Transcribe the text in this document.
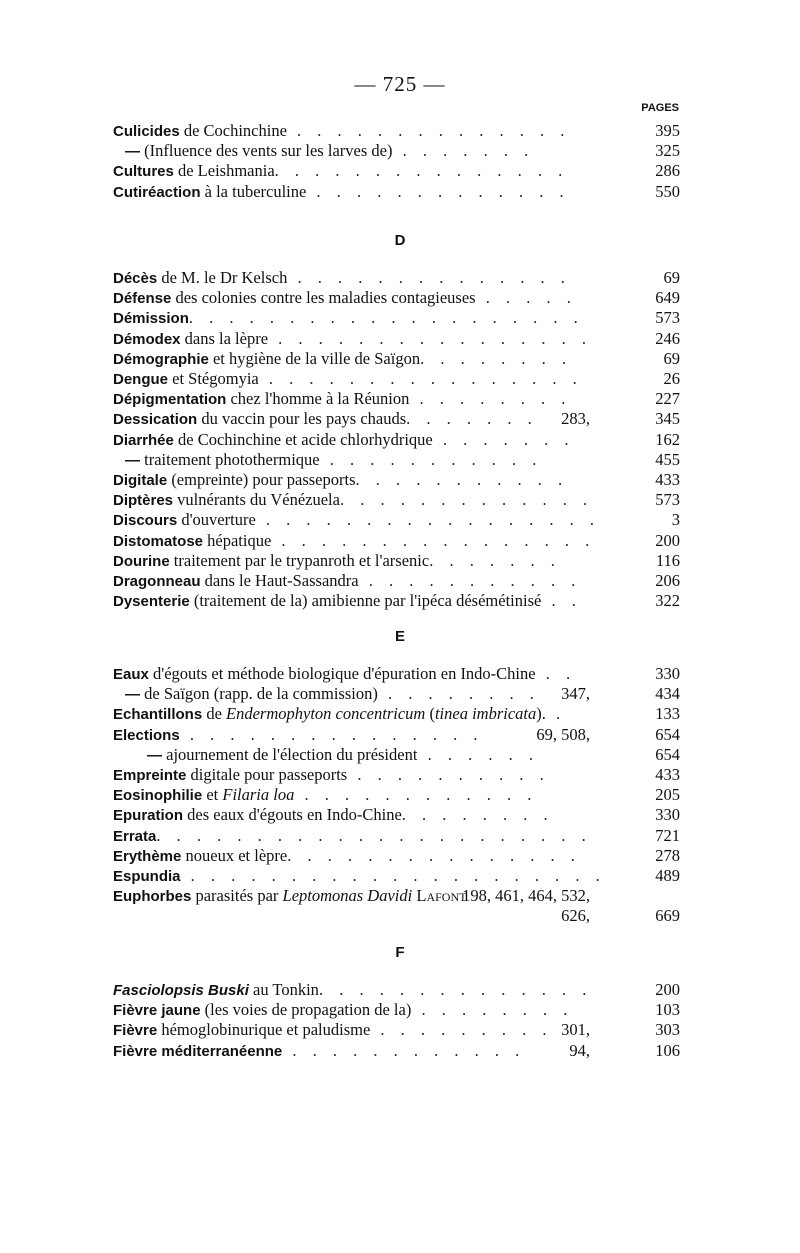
— 725 —
PAGES
Culicides de Cochinchine . . . . . . . . . . . . . .	395
— (Influence des vents sur les larves de) . . . . . . .	325
Cultures de Leishmania. . . . . . . . . . . . . . .	286
Cutiréaction à la tuberculine . . . . . . . . . . . . .	550
D
Décès de M. le Dr Kelsch . . . . . . . . . . . . . .	69
Défense des colonies contre les maladies contagieuses . . . . .	649
Démission. . . . . . . . . . . . . . . . . . . .	573
Démodex dans la lèpre . . . . . . . . . . . . . . . .	246
Démographie et hygiène de la ville de Saïgon. . . . . . . .	69
Dengue et Stégomyia . . . . . . . . . . . . . . . .	26
Dépigmentation chez l'homme à la Réunion . . . . . . . .	227
Dessication du vaccin pour les pays chauds. . . . . . .	283,	345
Diarrhée de Cochinchine et acide chlorhydrique . . . . . . .	162
— traitement photothermique . . . . . . . . . . .	455
Digitale (empreinte) pour passeports. . . . . . . . . . .	433
Diptères vulnérants du Vénézuela. . . . . . . . . . . . .	573
Discours d'ouverture . . . . . . . . . . . . . . . . .	3
Distomatose hépatique . . . . . . . . . . . . . . . .	200
Dourine traitement par le trypanroth et l'arsenic. . . . . . .	116
Dragonneau dans le Haut-Sassandra . . . . . . . . . . .	206
Dysenterie (traitement de la) amibienne par l'ipéca désémétinisé . .	322
E
Eaux d'égouts et méthode biologique d'épuration en Indo-Chine . .	330
— de Saïgon (rapp. de la commission) . . . . . . . .	347,	434
Echantillons de Endermophyton concentricum (tinea imbricata). .	133
Elections . . . . . . . . . . . . . . .	69, 508,	654
— ajournement de l'élection du président . . . . . .	654
Empreinte digitale pour passeports . . . . . . . . . .	433
Eosinophilie et Filaria loa . . . . . . . . . . . .	205
Epuration des eaux d'égouts en Indo-Chine. . . . . . . .	330
Errata. . . . . . . . . . . . . . . . . . . . . .	721
Erythème noueux et lèpre. . . . . . . . . . . . . . .	278
Espundia . . . . . . . . . . . . . . . . . . . . .	489
Euphorbes parasités par Leptomonas Davidi Lafont
198, 461, 464, 532,
626,	669
F
Fasciolopsis Buski au Tonkin. . . . . . . . . . . . . .	200
Fièvre jaune (les voies de propagation de la) . . . . . . . .	103
Fièvre hémoglobinurique et paludisme . . . . . . . . . 301,	303
Fièvre méditerranéenne . . . . . . . . . . . .	94,	106
